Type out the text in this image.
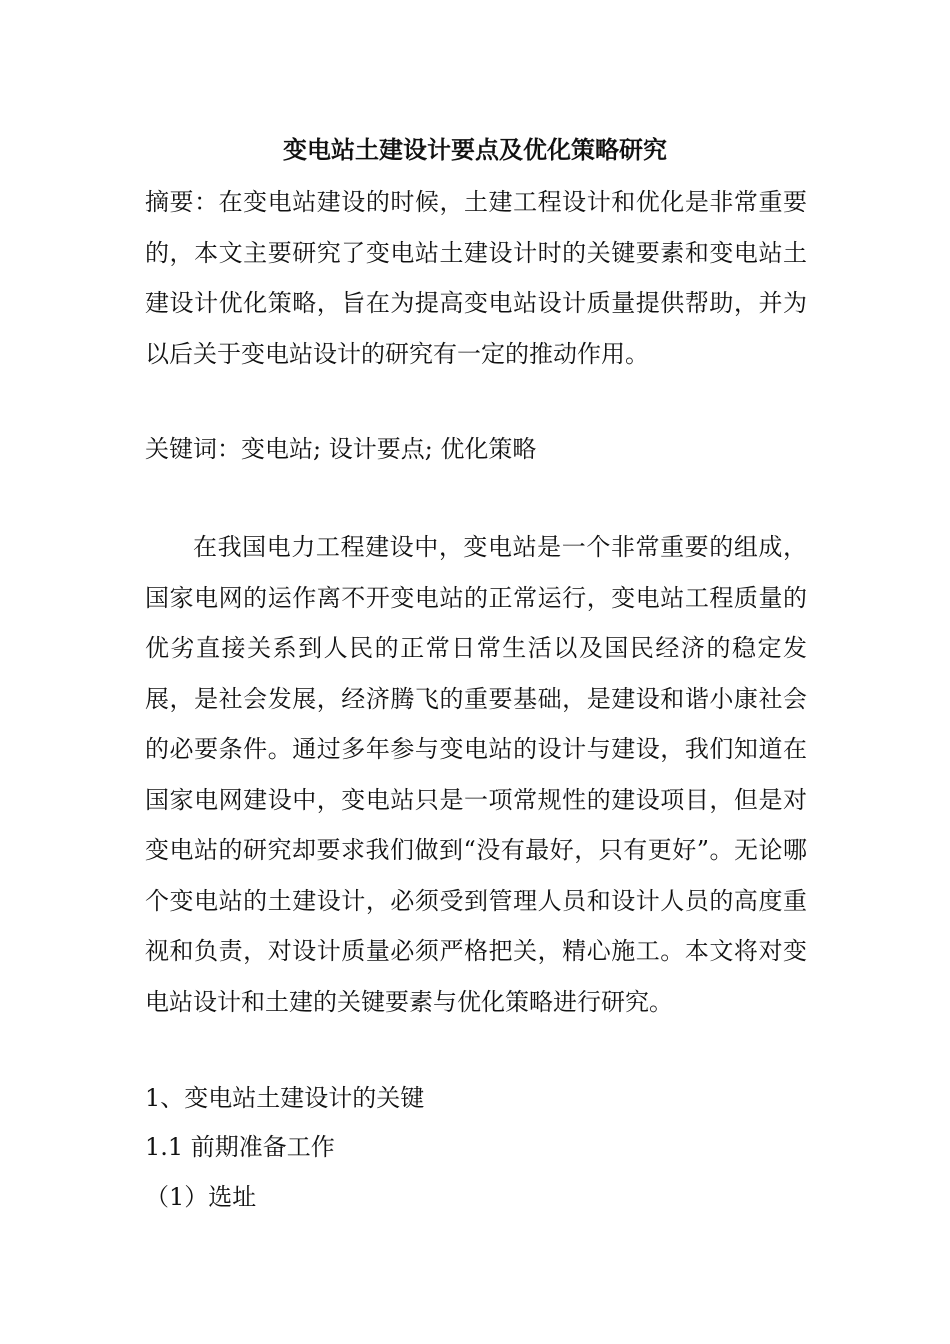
变电站土建设计要点及优化策略研究

摘要：在变电站建设的时候，土建工程设计和优化是非常重要的，本文主要研究了变电站土建设计时的关键要素和变电站土建设计优化策略，旨在为提高变电站设计质量提供帮助，并为以后关于变电站设计的研究有一定的推动作用。

关键词：变电站; 设计要点; 优化策略

在我国电力工程建设中，变电站是一个非常重要的组成，国家电网的运作离不开变电站的正常运行，变电站工程质量的优劣直接关系到人民的正常日常生活以及国民经济的稳定发展，是社会发展，经济腾飞的重要基础，是建设和谐小康社会的必要条件。通过多年参与变电站的设计与建设，我们知道在国家电网建设中，变电站只是一项常规性的建设项目，但是对变电站的研究却要求我们做到“没有最好，只有更好”。无论哪个变电站的土建设计，必须受到管理人员和设计人员的高度重视和负责，对设计质量必须严格把关，精心施工。本文将对变电站设计和土建的关键要素与优化策略进行研究。

1、变电站土建设计的关键

1.1 前期准备工作

（1）选址
